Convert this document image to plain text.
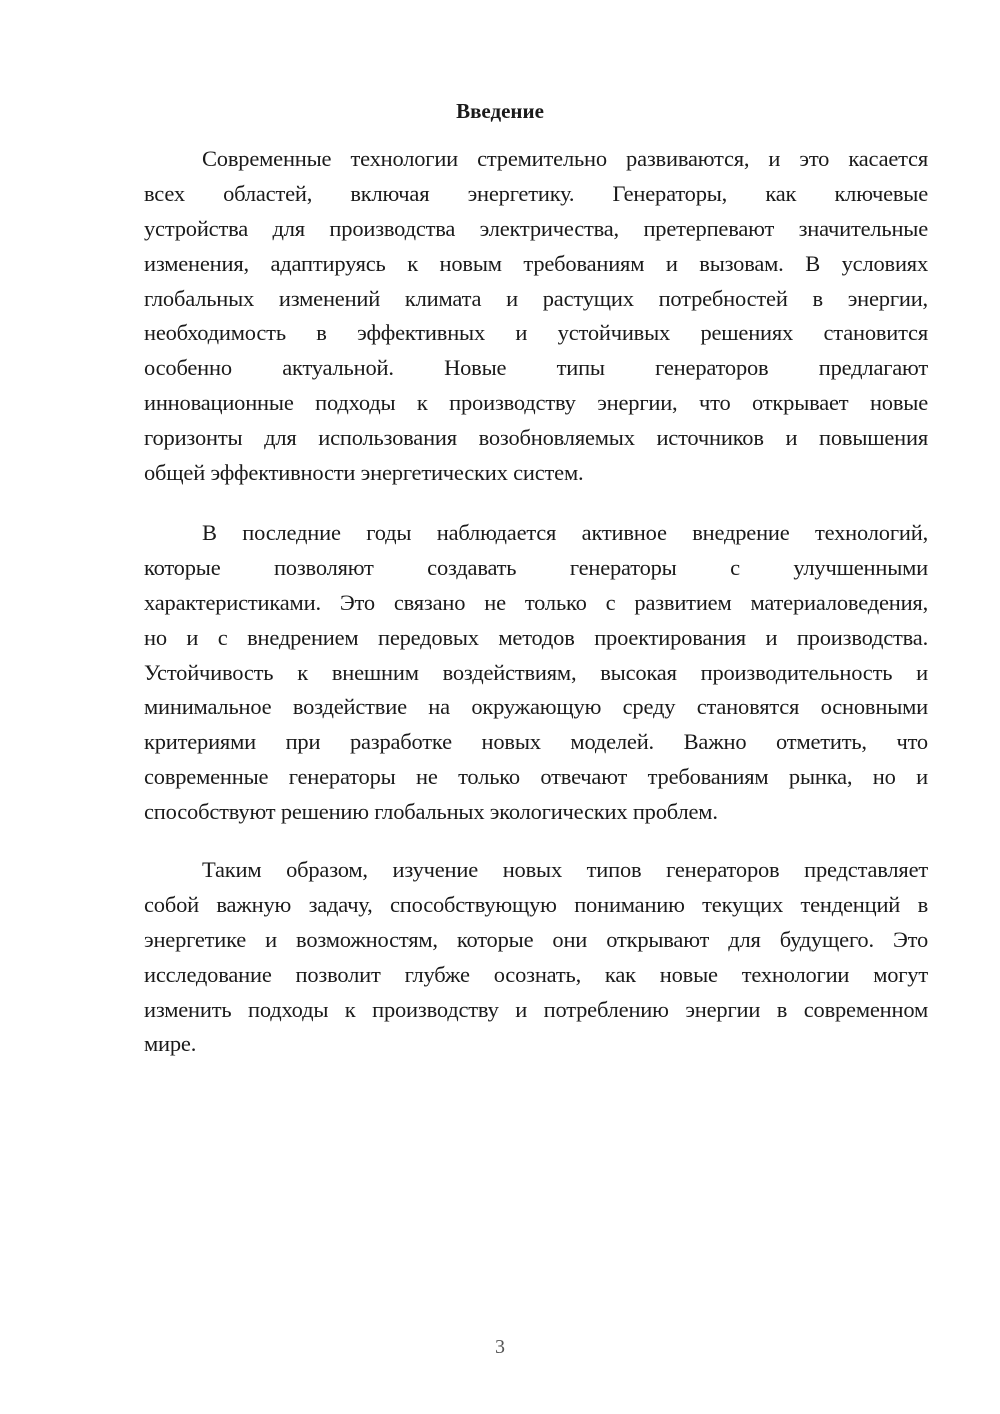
Введение
Современные технологии стремительно развиваются, и это касается
всех областей, включая энергетику. Генераторы, как ключевые
устройства для производства электричества, претерпевают значительные
изменения, адаптируясь к новым требованиям и вызовам. В условиях
глобальных изменений климата и растущих потребностей в энергии,
необходимость в эффективных и устойчивых решениях становится
особенно актуальной. Новые типы генераторов предлагают
инновационные подходы к производству энергии, что открывает новые
горизонты для использования возобновляемых источников и повышения
общей эффективности энергетических систем.
В последние годы наблюдается активное внедрение технологий,
которые позволяют создавать генераторы с улучшенными
характеристиками. Это связано не только с развитием материаловедения,
но и с внедрением передовых методов проектирования и производства.
Устойчивость к внешним воздействиям, высокая производительность и
минимальное воздействие на окружающую среду становятся основными
критериями при разработке новых моделей. Важно отметить, что
современные генераторы не только отвечают требованиям рынка, но и
способствуют решению глобальных экологических проблем.
Таким образом, изучение новых типов генераторов представляет
собой важную задачу, способствующую пониманию текущих тенденций в
энергетике и возможностям, которые они открывают для будущего. Это
исследование позволит глубже осознать, как новые технологии могут
изменить подходы к производству и потреблению энергии в современном
мире.
3
